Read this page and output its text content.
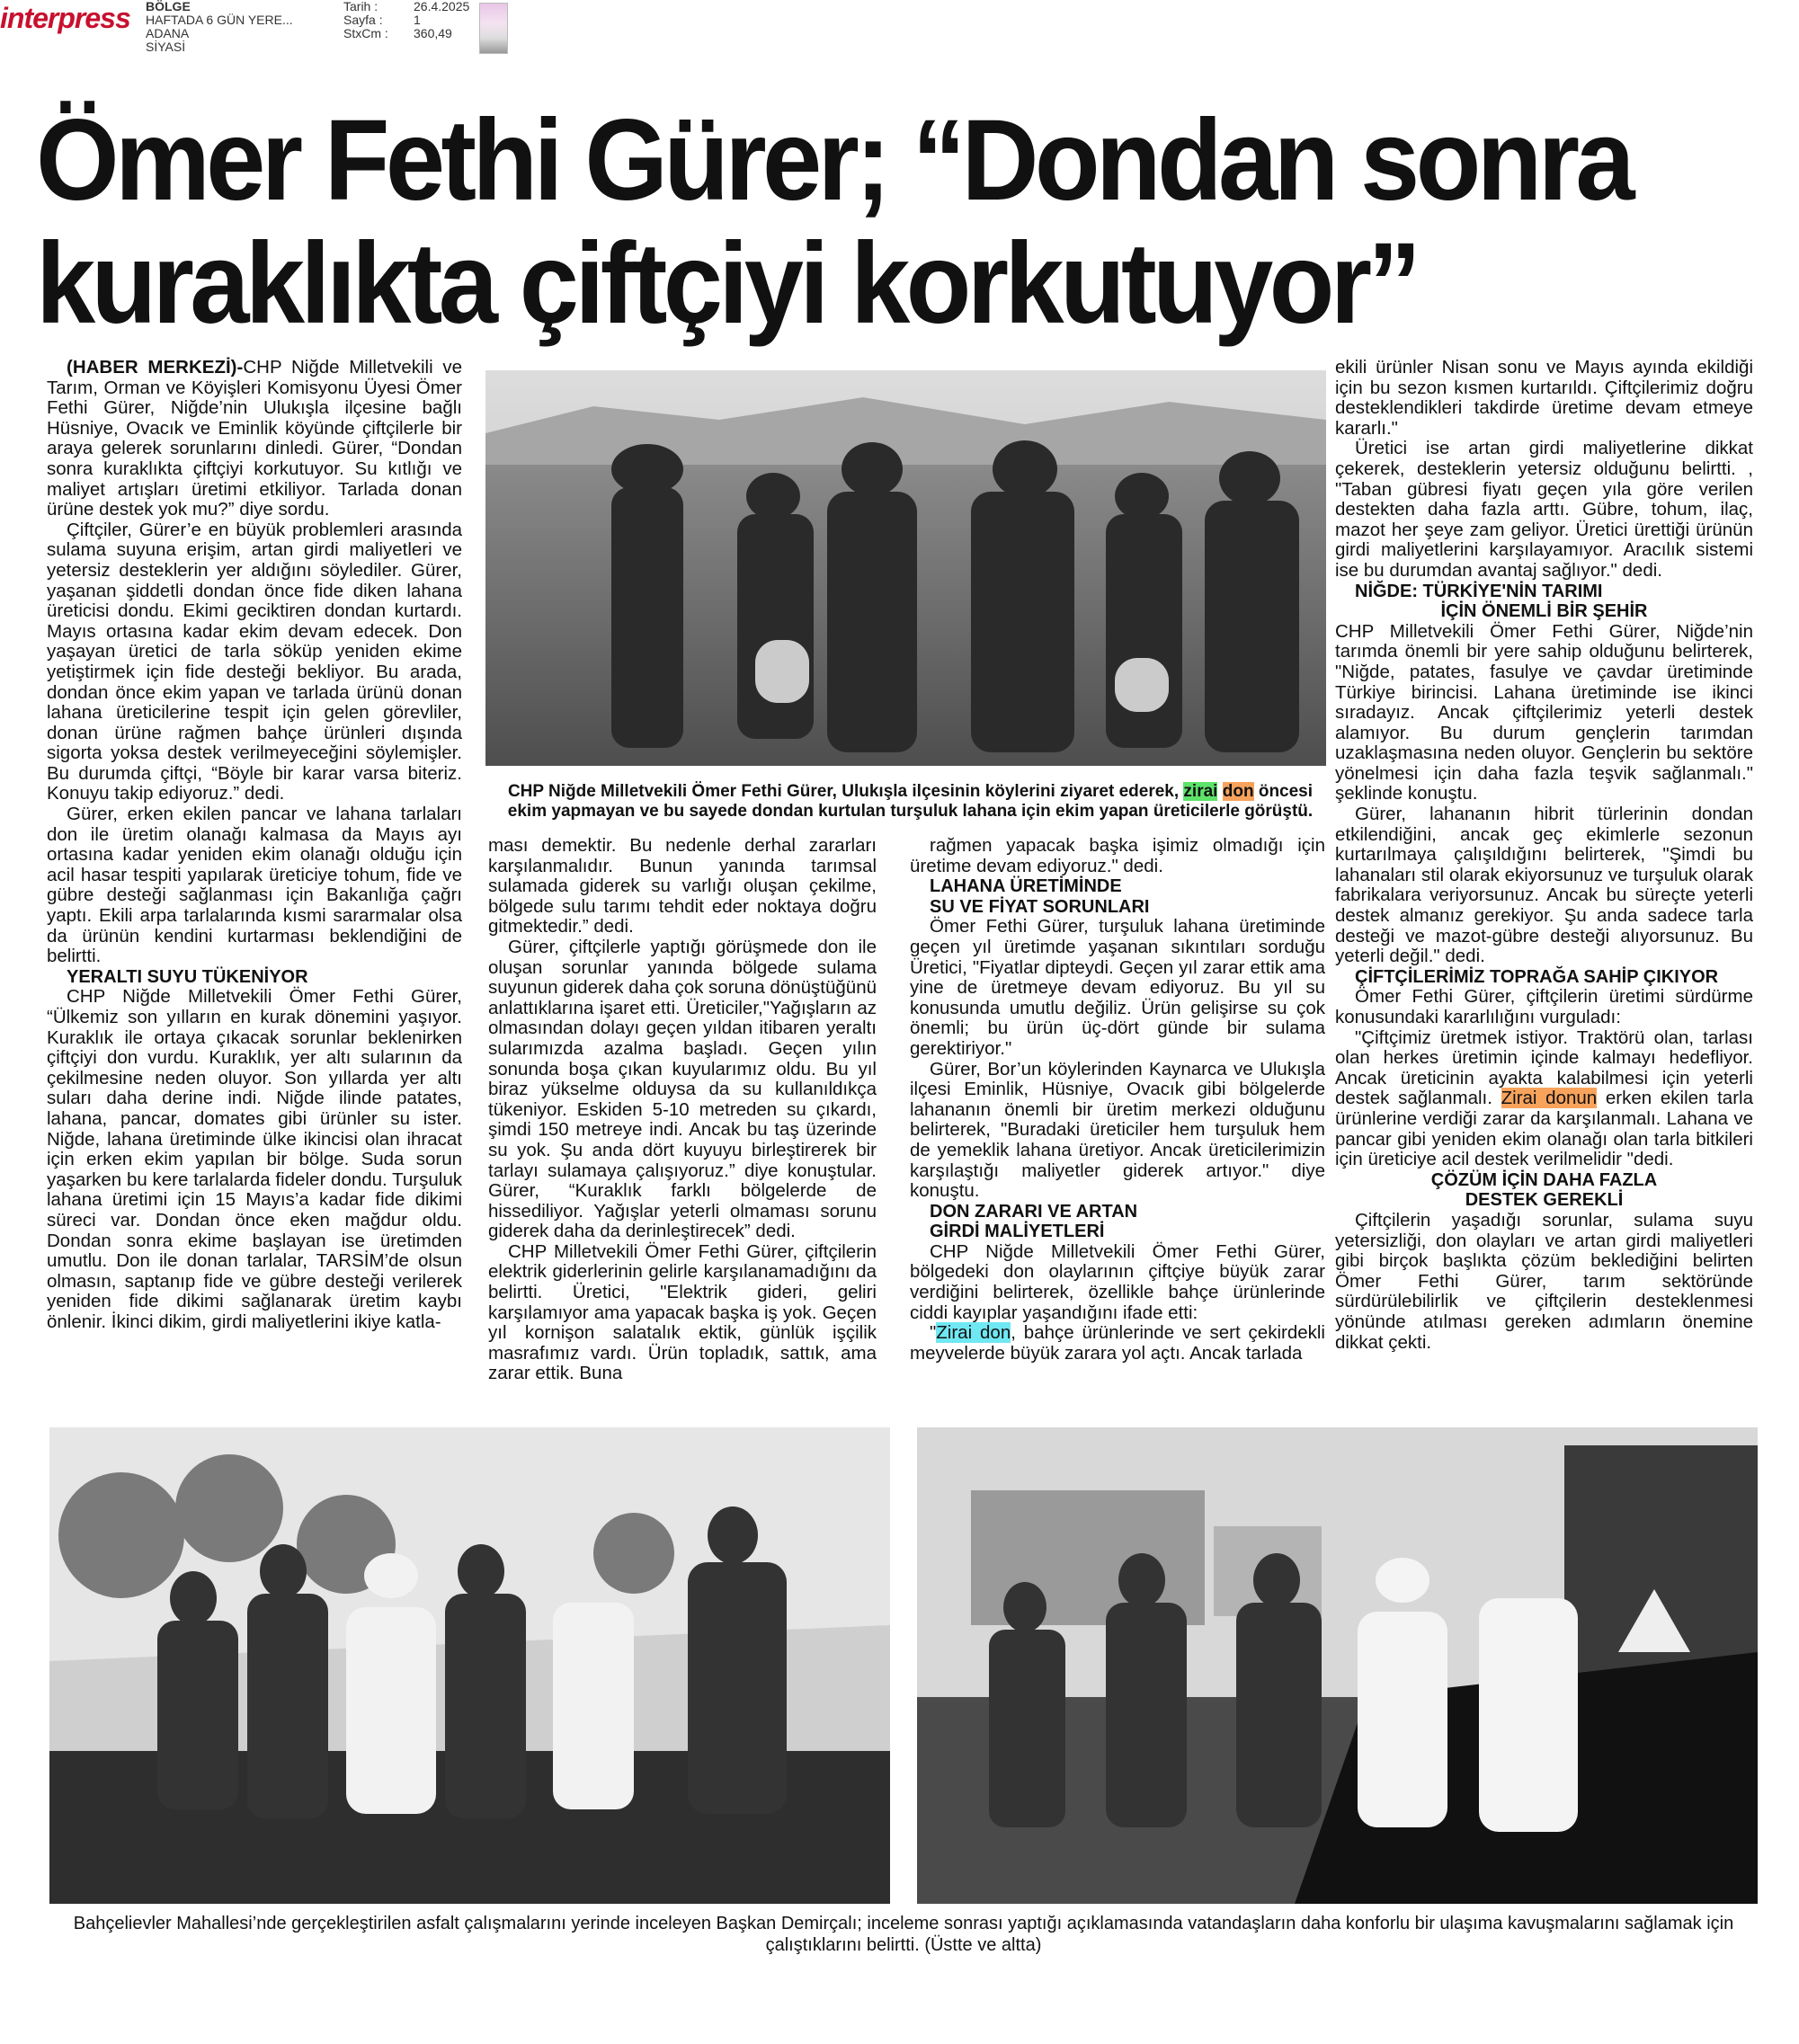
interpress	BÖLGE
HAFTADA 6 GÜN YERE...
ADANA
SİYASİ
Tarih :	26.4.2025
Sayfa :	1
StxCm :	360,49
Ömer Fethi Gürer; “Dondan sonra
kuraklıkta çiftçiyi korkutuyor”

(HABER MERKEZİ)-CHP Niğde Milletvekili ve Tarım, Orman ve Köyişleri Komisyonu Üyesi Ömer Fethi Gürer, Niğde’nin Ulukışla ilçesine bağlı Hüsniye, Ovacık ve Eminlik köyünde çiftçilerle bir araya gelerek sorunlarını dinledi. Gürer, “Dondan sonra kuraklıkta çiftçiyi korkutuyor. Su kıtlığı ve maliyet artışları üretimi etkiliyor. Tarlada donan ürüne destek yok mu?” diye sordu.

Çiftçiler, Gürer’e en büyük problemleri arasında sulama suyuna erişim, artan girdi maliyetleri ve yetersiz desteklerin yer aldığını söylediler. Gürer, yaşanan şiddetli dondan önce fide diken lahana üreticisi dondu. Ekimi geciktiren dondan kurtardı. Mayıs ortasına kadar ekim devam edecek. Don yaşayan üretici de tarla söküp yeniden ekime yetiştirmek için fide desteği bekliyor. Bu arada, dondan önce ekim yapan ve tarlada ürünü donan lahana üreticilerine tespit için gelen görevliler, donan ürüne rağmen bahçe ürünleri dışında sigorta yoksa destek verilmeyeceğini söylemişler. Bu durumda çiftçi, “Böyle bir karar varsa biteriz. Konuyu takip ediyoruz.” dedi.

Gürer, erken ekilen pancar ve lahana tarlaları don ile üretim olanağı kalmasa da Mayıs ayı ortasına kadar yeniden ekim olanağı olduğu için acil hasar tespiti yapılarak üreticiye tohum, fide ve gübre desteği sağlanması için Bakanlığa çağrı yaptı. Ekili arpa tarlalarında kısmi sararmalar olsa da ürünün kendini kurtarması beklendiğini de belirtti.

YERALTI SUYU TÜKENİYOR

CHP Niğde Milletvekili Ömer Fethi Gürer, “Ülkemiz son yılların en kurak dönemini yaşıyor. Kuraklık ile ortaya çıkacak sorunlar beklenirken çiftçiyi don vurdu. Kuraklık, yer altı sularının da çekilmesine neden oluyor. Son yıllarda yer altı suları daha derine indi. Niğde ilinde patates, lahana, pancar, domates gibi ürünler su ister. Niğde, lahana üretiminde ülke ikincisi olan ihracat için erken ekim yapılan bir bölge. Suda sorun yaşarken bu kere tarlalarda fideler dondu. Turşuluk lahana üretimi için 15 Mayıs’a kadar fide dikimi süreci var. Dondan önce eken mağdur oldu. Dondan sonra ekime başlayan ise üretimden umutlu. Don ile donan tarlalar, TARSİM’de olsun olmasın, saptanıp fide ve gübre desteği verilerek yeniden fide dikimi sağlanarak üretim kaybı önlenir. İkinci dikim, girdi maliyetlerini ikiye katla-

ması demektir. Bu nedenle derhal zararları karşılanmalıdır. Bunun yanında tarımsal sulamada giderek su varlığı oluşan çekilme, bölgede sulu tarımı tehdit eder noktaya doğru gitmektedir.” dedi.

Gürer, çiftçilerle yaptığı görüşmede don ile oluşan sorunlar yanında bölgede sulama suyunun giderek daha çok soruna dönüştüğünü anlattıklarına işaret etti. Üreticiler,"Yağışların az olmasından dolayı geçen yıldan itibaren yeraltı sularımızda azalma başladı. Geçen yılın sonunda boşa çıkan kuyularımız oldu. Bu yıl biraz yükselme olduysa da su kullanıldıkça tükeniyor. Eskiden 5-10 metreden su çıkardı, şimdi 150 metreye indi. Ancak bu taş üzerinde su yok. Şu anda dört kuyuyu birleştirerek bir tarlayı sulamaya çalışıyoruz.” diye konuştular. Gürer, “Kuraklık farklı bölgelerde de hissediliyor. Yağışlar yeterli olmaması sorunu giderek daha da derinleştirecek” dedi.

CHP Milletvekili Ömer Fethi Gürer, çiftçilerin elektrik giderlerinin gelirle karşılanamadığını da belirtti. Üretici, "Elektrik gideri, geliri karşılamıyor ama yapacak başka iş yok. Geçen yıl kornişon salatalık ektik, günlük işçilik masrafımız vardı. Ürün topladık, sattık, ama zarar ettik. Buna

rağmen yapacak başka işimiz olmadığı için üretime devam ediyoruz." dedi.

LAHANA ÜRETİMİNDE
SU VE FİYAT SORUNLARI

Ömer Fethi Gürer, turşuluk lahana üretiminde geçen yıl üretimde yaşanan sıkıntıları sorduğu Üretici, "Fiyatlar dipteydi. Geçen yıl zarar ettik ama yine de üretmeye devam ediyoruz. Bu yıl su konusunda umutlu değiliz. Ürün gelişirse su çok önemli; bu ürün üç-dört günde bir sulama gerektiriyor."

Gürer, Bor’un köylerinden Kaynarca ve Ulukışla ilçesi Eminlik, Hüsniye, Ovacık gibi bölgelerde lahananın önemli bir üretim merkezi olduğunu belirterek, "Buradaki üreticiler hem turşuluk hem de yemeklik lahana üretiyor. Ancak üreticilerimizin karşılaştığı maliyetler giderek artıyor." diye konuştu.

DON ZARARI VE ARTAN
GİRDİ MALİYETLERİ

CHP Niğde Milletvekili Ömer Fethi Gürer, bölgedeki don olaylarının çiftçiye büyük zarar verdiğini belirterek, özellikle bahçe ürünlerinde ciddi kayıplar yaşandığını ifade etti:

"Zirai don, bahçe ürünlerinde ve sert çekirdekli meyvelerde büyük zarara yol açtı. Ancak tarlada

ekili ürünler Nisan sonu ve Mayıs ayında ekildiği için bu sezon kısmen kurtarıldı. Çiftçilerimiz doğru desteklendikleri takdirde üretime devam etmeye kararlı."

Üretici ise artan girdi maliyetlerine dikkat çekerek, desteklerin yetersiz olduğunu belirtti. , "Taban gübresi fiyatı geçen yıla göre verilen destekten daha fazla arttı. Gübre, tohum, ilaç, mazot her şeye zam geliyor. Üretici ürettiği ürünün girdi maliyetlerini karşılayamıyor. Aracılık sistemi ise bu durumdan avantaj sağlıyor." dedi.

NİĞDE: TÜRKİYE'NİN TARIMI
İÇİN ÖNEMLİ BİR ŞEHİR

CHP Milletvekili Ömer Fethi Gürer, Niğde’nin tarımda önemli bir yere sahip olduğunu belirterek, "Niğde, patates, fasulye ve çavdar üretiminde Türkiye birincisi. Lahana üretiminde ise ikinci sıradayız. Ancak çiftçilerimiz yeterli destek alamıyor. Bu durum gençlerin tarımdan uzaklaşmasına neden oluyor. Gençlerin bu sektöre yönelmesi için daha fazla teşvik sağlanmalı." şeklinde konuştu.

Gürer, lahananın hibrit türlerinin dondan etkilendiğini, ancak geç ekimlerle sezonun kurtarılmaya çalışıldığını belirterek, "Şimdi bu lahanaları stil olarak ekiyorsunuz ve turşuluk olarak fabrikalara veriyorsunuz. Ancak bu süreçte yeterli destek almanız gerekiyor. Şu anda sadece tarla desteği ve mazot-gübre desteği alıyorsunuz. Bu yeterli değil." dedi.

ÇİFTÇİLERİMİZ TOPRAĞA SAHİP ÇIKIYOR

Ömer Fethi Gürer, çiftçilerin üretimi sürdürme konusundaki kararlılığını vurguladı:

"Çiftçimiz üretmek istiyor. Traktörü olan, tarlası olan herkes üretimin içinde kalmayı hedefliyor. Ancak üreticinin ayakta kalabilmesi için yeterli destek sağlanmalı. Zirai donun erken ekilen tarla ürünlerine verdiği zarar da karşılanmalı. Lahana ve pancar gibi yeniden ekim olanağı olan tarla bitkileri için üreticiye acil destek verilmelidir "dedi.

ÇÖZÜM İÇİN DAHA FAZLA
DESTEK GEREKLİ

Çiftçilerin yaşadığı sorunlar, sulama suyu yetersizliği, don olayları ve artan girdi maliyetleri gibi birçok başlıkta çözüm beklediğini belirten Ömer Fethi Gürer, tarım sektöründe sürdürülebilirlik ve çiftçilerin desteklenmesi yönünde atılması gereken adımların önemine dikkat çekti.

CHP Niğde Milletvekili Ömer Fethi Gürer, Ulukışla ilçesinin köylerini ziyaret ederek, zirai don öncesi ekim yapmayan ve bu sayede dondan kurtulan turşuluk lahana için ekim yapan üreticilerle görüştü.
Bahçelievler Mahallesi’nde gerçekleştirilen asfalt çalışmalarını yerinde inceleyen Başkan Demirçalı; inceleme sonrası yaptığı açıklamasında vatandaşların daha konforlu bir ulaşıma kavuşmalarını sağlamak için çalıştıklarını belirtti. (Üstte ve altta)
